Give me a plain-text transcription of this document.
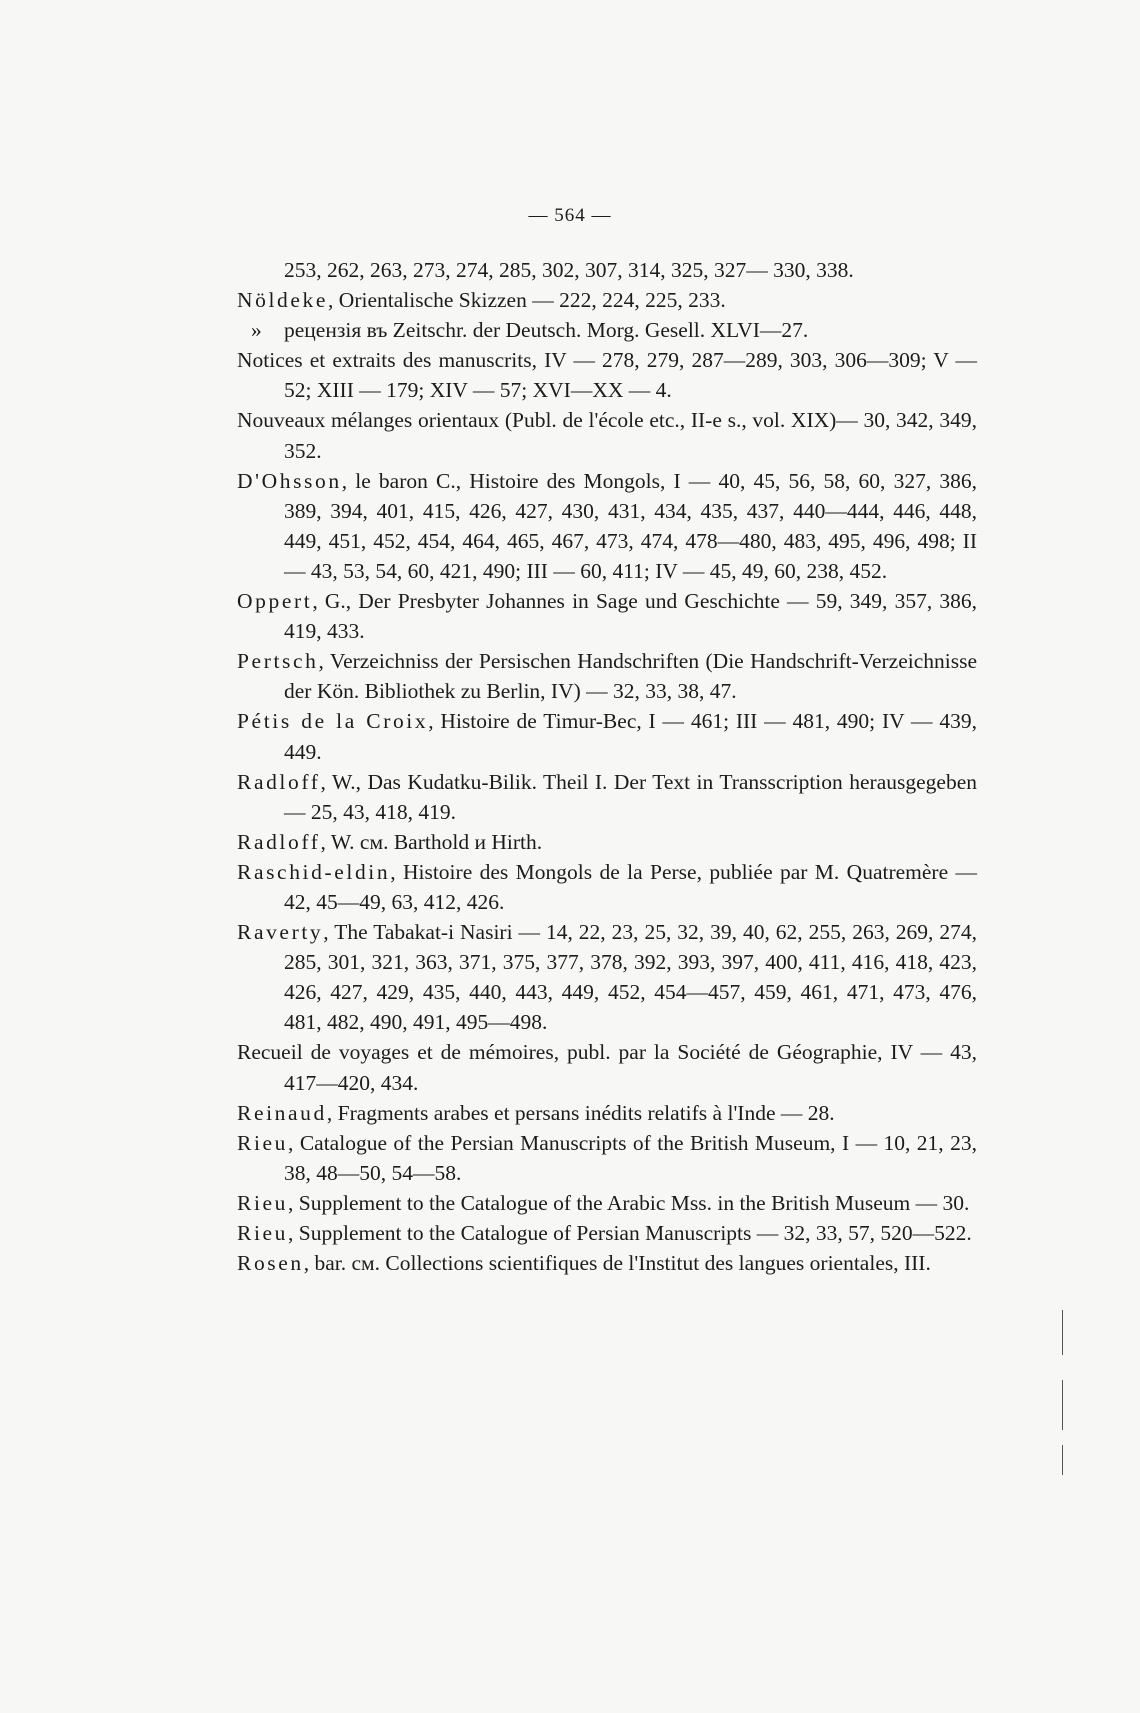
— 564 —
253, 262, 263, 273, 274, 285, 302, 307, 314, 325, 327— 330, 338.
Nöldeke, Orientalische Skizzen — 222, 224, 225, 233.
» рецензія въ Zeitschr. der Deutsch. Morg. Gesell. XLVI—27.
Notices et extraits des manuscrits, IV — 278, 279, 287—289, 303, 306—309; V — 52; XIII — 179; XIV — 57; XVI—XX — 4.
Nouveaux mélanges orientaux (Publ. de l'école etc., II-e s., vol. XIX)— 30, 342, 349, 352.
D'Ohsson, le baron C., Histoire des Mongols, I — 40, 45, 56, 58, 60, 327, 386, 389, 394, 401, 415, 426, 427, 430, 431, 434, 435, 437, 440—444, 446, 448, 449, 451, 452, 454, 464, 465, 467, 473, 474, 478—480, 483, 495, 496, 498; II — 43, 53, 54, 60, 421, 490; III — 60, 411; IV — 45, 49, 60, 238, 452.
Oppert, G., Der Presbyter Johannes in Sage und Geschichte — 59, 349, 357, 386, 419, 433.
Pertsch, Verzeichniss der Persischen Handschriften (Die Handschrift-Verzeichnisse der Kön. Bibliothek zu Berlin, IV) — 32, 33, 38, 47.
Pétis de la Croix, Histoire de Timur-Bec, I — 461; III — 481, 490; IV — 439, 449.
Radloff, W., Das Kudatku-Bilik. Theil I. Der Text in Transscription herausgegeben — 25, 43, 418, 419.
Radloff, W. см. Barthold и Hirth.
Raschid-eldin, Histoire des Mongols de la Perse, publiée par M. Quatremère — 42, 45—49, 63, 412, 426.
Raverty, The Tabakat-i Nasiri — 14, 22, 23, 25, 32, 39, 40, 62, 255, 263, 269, 274, 285, 301, 321, 363, 371, 375, 377, 378, 392, 393, 397, 400, 411, 416, 418, 423, 426, 427, 429, 435, 440, 443, 449, 452, 454—457, 459, 461, 471, 473, 476, 481, 482, 490, 491, 495—498.
Recueil de voyages et de mémoires, publ. par la Société de Géographie, IV — 43, 417—420, 434.
Reinaud, Fragments arabes et persans inédits relatifs à l'Inde — 28.
Rieu, Catalogue of the Persian Manuscripts of the British Museum, I — 10, 21, 23, 38, 48—50, 54—58.
Rieu, Supplement to the Catalogue of the Arabic Mss. in the British Museum — 30.
Rieu, Supplement to the Catalogue of Persian Manuscripts — 32, 33, 57, 520—522.
Rosen, bar. см. Collections scientifiques de l'Institut des langues orientales, III.
